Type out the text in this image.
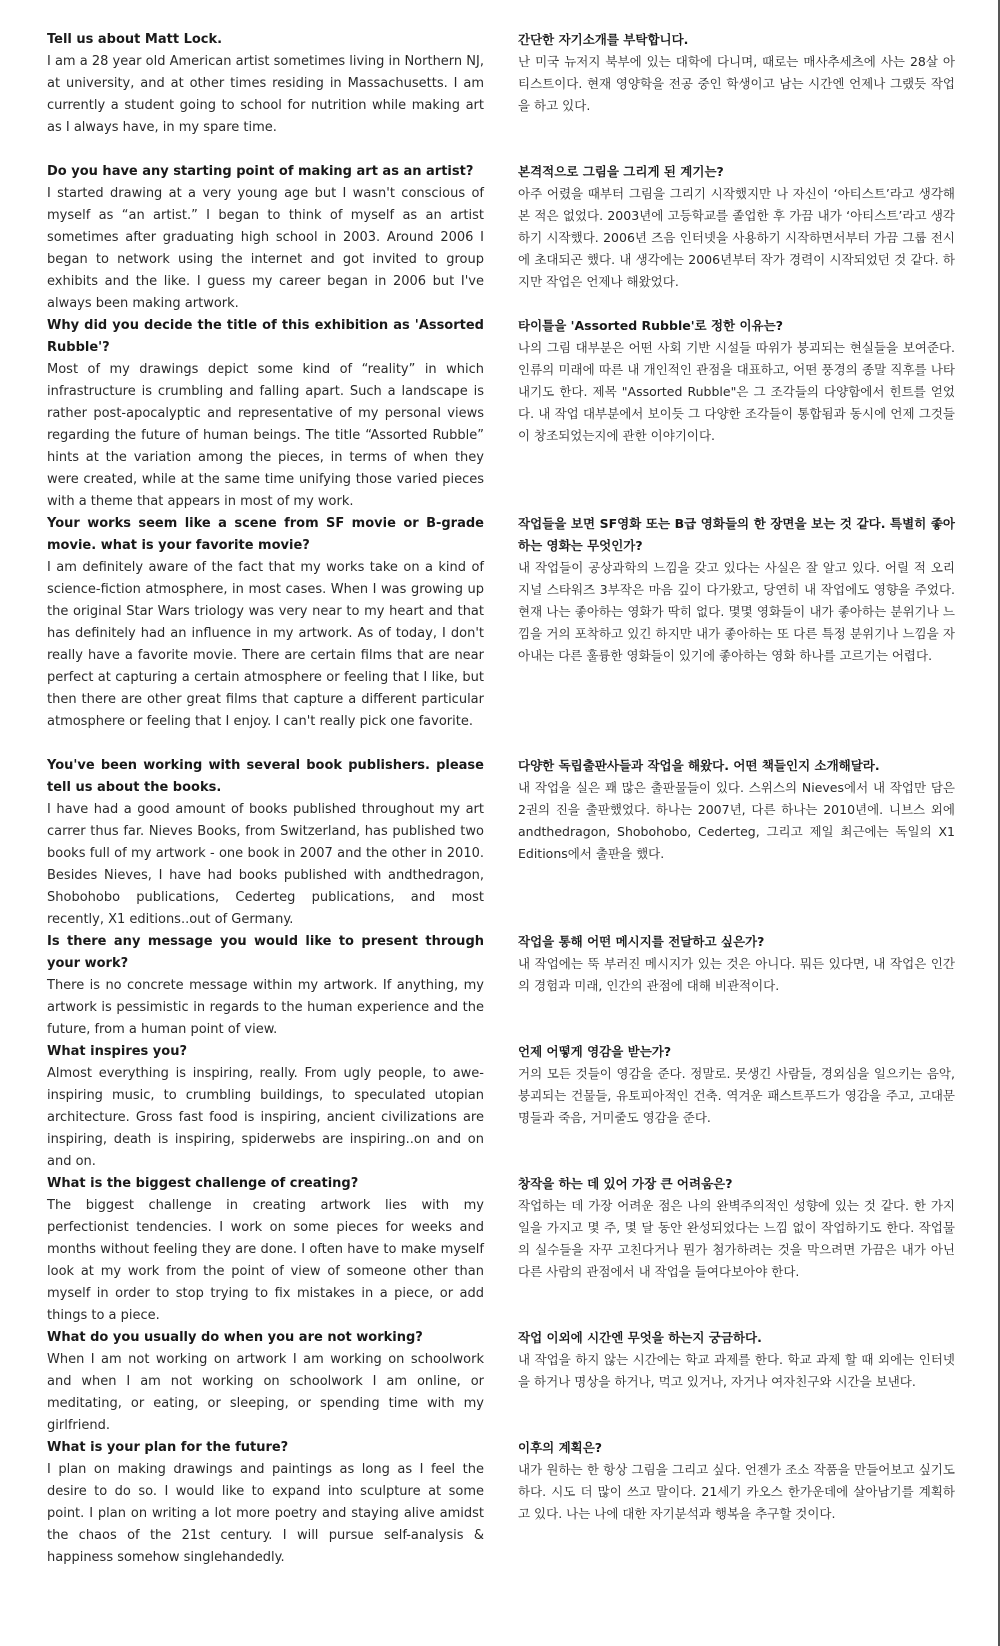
Tell us about Matt Lock.

I am a 28 year old American artist sometimes living in Northern NJ, at university, and at other times residing in Massachusetts. I am currently a student going to school for nutrition while making art as I always have, in my spare time.

간단한 자기소개를 부탁합니다.

난 미국 뉴저지 북부에 있는 대학에 다니며, 때로는 매사추세츠에 사는 28살 아티스트이다. 현재 영양학을 전공 중인 학생이고 남는 시간엔 언제나 그랬듯 작업을 하고 있다.

Do you have any starting point of making art as an artist?

I started drawing at a very young age but I wasn't conscious of myself as “an artist.” I began to think of myself as an artist sometimes after graduating high school in 2003. Around 2006 I began to network using the internet and got invited to group exhibits and the like. I guess my career began in 2006 but I've always been making artwork.

본격적으로 그림을 그리게 된 계기는?

아주 어렸을 때부터 그림을 그리기 시작했지만 나 자신이 ‘아티스트’라고 생각해본 적은 없었다. 2003년에 고등학교를 졸업한 후 가끔 내가 ‘아티스트’라고 생각하기 시작했다. 2006년 즈음 인터넷을 사용하기 시작하면서부터 가끔 그룹 전시에 초대되곤 했다. 내 생각에는 2006년부터 작가 경력이 시작되었던 것 같다. 하지만 작업은 언제나 해왔었다.

Why did you decide the title of this exhibition as 'Assorted Rubble'?

Most of my drawings depict some kind of “reality” in which infrastructure is crumbling and falling apart. Such a landscape is rather post-apocalyptic and representative of my personal views regarding the future of human beings. The title “Assorted Rubble” hints at the variation among the pieces, in terms of when they were created, while at the same time unifying those varied pieces with a theme that appears in most of my work.

타이틀을 'Assorted Rubble'로 정한 이유는?

나의 그림 대부분은 어떤 사회 기반 시설들 따위가 붕괴되는 현실들을 보여준다. 인류의 미래에 따른 내 개인적인 관점을 대표하고, 어떤 풍경의 종말 직후를 나타내기도 한다. 제목 "Assorted Rubble"은 그 조각들의 다양함에서 힌트를 얻었다. 내 작업 대부분에서 보이듯 그 다양한 조각들이 통합됨과 동시에 언제 그것들이 창조되었는지에 관한 이야기이다.

Your works seem like a scene from SF movie or B-grade movie. what is your favorite movie?

I am definitely aware of the fact that my works take on a kind of science-fiction atmosphere, in most cases. When I was growing up the original Star Wars triology was very near to my heart and that has definitely had an influence in my artwork. As of today, I don't really have a favorite movie. There are certain films that are near perfect at capturing a certain atmosphere or feeling that I like, but then there are other great films that capture a different particular atmosphere or feeling that I enjoy. I can't really pick one favorite.

작업들을 보면 SF영화 또는 B급 영화들의 한 장면을 보는 것 같다. 특별히 좋아하는 영화는 무엇인가?

내 작업들이 공상과학의 느낌을 갖고 있다는 사실은 잘 알고 있다. 어릴 적 오리지널 스타워즈 3부작은 마음 깊이 다가왔고, 당연히 내 작업에도 영향을 주었다. 현재 나는 좋아하는 영화가 딱히 없다. 몇몇 영화들이 내가 좋아하는 분위기나 느낌을 거의 포착하고 있긴 하지만 내가 좋아하는 또 다른 특정 분위기나 느낌을 자아내는 다른 훌륭한 영화들이 있기에 좋아하는 영화 하나를 고르기는 어렵다.

You've been working with several book publishers. please tell us about the books.

I have had a good amount of books published throughout my art carrer thus far. Nieves Books, from Switzerland, has published two books full of my artwork - one book in 2007 and the other in 2010. Besides Nieves, I have had books published with andthedragon, Shobohobo publications, Cederteg publications, and most recently, X1 editions..out of Germany.

다양한 독립출판사들과 작업을 해왔다. 어떤 책들인지 소개해달라.

내 작업을 실은 꽤 많은 출판물들이 있다. 스위스의 Nieves에서 내 작업만 담은 2권의 진을 출판했었다. 하나는 2007년, 다른 하나는 2010년에. 니브스 외에 andthedragon, Shobohobo, Cederteg, 그리고 제일 최근에는 독일의 X1 Editions에서 출판을 했다.

Is there any message you would like to present through your work?

There is no concrete message within my artwork. If anything, my artwork is pessimistic in regards to the human experience and the future, from a human point of view.

작업을 통해 어떤 메시지를 전달하고 싶은가?

내 작업에는 뚝 부러진 메시지가 있는 것은 아니다. 뭐든 있다면, 내 작업은 인간의 경험과 미래, 인간의 관점에 대해 비관적이다.

What inspires you?

Almost everything is inspiring, really. From ugly people, to awe-inspiring music, to crumbling buildings, to speculated utopian architecture. Gross fast food is inspiring, ancient civilizations are inspiring, death is inspiring, spiderwebs are inspiring..on and on and on.

언제 어떻게 영감을 받는가?

거의 모든 것들이 영감을 준다. 정말로. 못생긴 사람들, 경외심을 일으키는 음악, 붕괴되는 건물들, 유토피아적인 건축. 역겨운 패스트푸드가 영감을 주고, 고대문명들과 죽음, 거미줄도 영감을 준다.

What is the biggest challenge of creating?

The biggest challenge in creating artwork lies with my perfectionist tendencies. I work on some pieces for weeks and months without feeling they are done. I often have to make myself look at my work from the point of view of someone other than myself in order to stop trying to fix mistakes in a piece, or add things to a piece.

창작을 하는 데 있어 가장 큰 어려움은?

작업하는 데 가장 어려운 점은 나의 완벽주의적인 성향에 있는 것 같다. 한 가지 일을 가지고 몇 주, 몇 달 동안 완성되었다는 느낌 없이 작업하기도 한다. 작업물의 실수들을 자꾸 고친다거나 뭔가 첨가하려는 것을 막으려면 가끔은 내가 아닌 다른 사람의 관점에서 내 작업을 들여다보아야 한다.

What do you usually do when you are not working?

When I am not working on artwork I am working on schoolwork and when I am not working on schoolwork I am online, or meditating, or eating, or sleeping, or spending time with my girlfriend.

작업 이외에 시간엔 무엇을 하는지 궁금하다.

내 작업을 하지 않는 시간에는 학교 과제를 한다. 학교 과제 할 때 외에는 인터넷을 하거나 명상을 하거나, 먹고 있거나, 자거나 여자친구와 시간을 보낸다.

What is your plan for the future?

I plan on making drawings and paintings as long as I feel the desire to do so. I would like to expand into sculpture at some point. I plan on writing a lot more poetry and staying alive amidst the chaos of the 21st century. I will pursue self-analysis & happiness somehow singlehandedly.

이후의 계획은?

내가 원하는 한 항상 그림을 그리고 싶다. 언젠가 조소 작품을 만들어보고 싶기도 하다. 시도 더 많이 쓰고 말이다. 21세기 카오스 한가운데에 살아남기를 계획하고 있다. 나는 나에 대한 자기분석과 행복을 추구할 것이다.
